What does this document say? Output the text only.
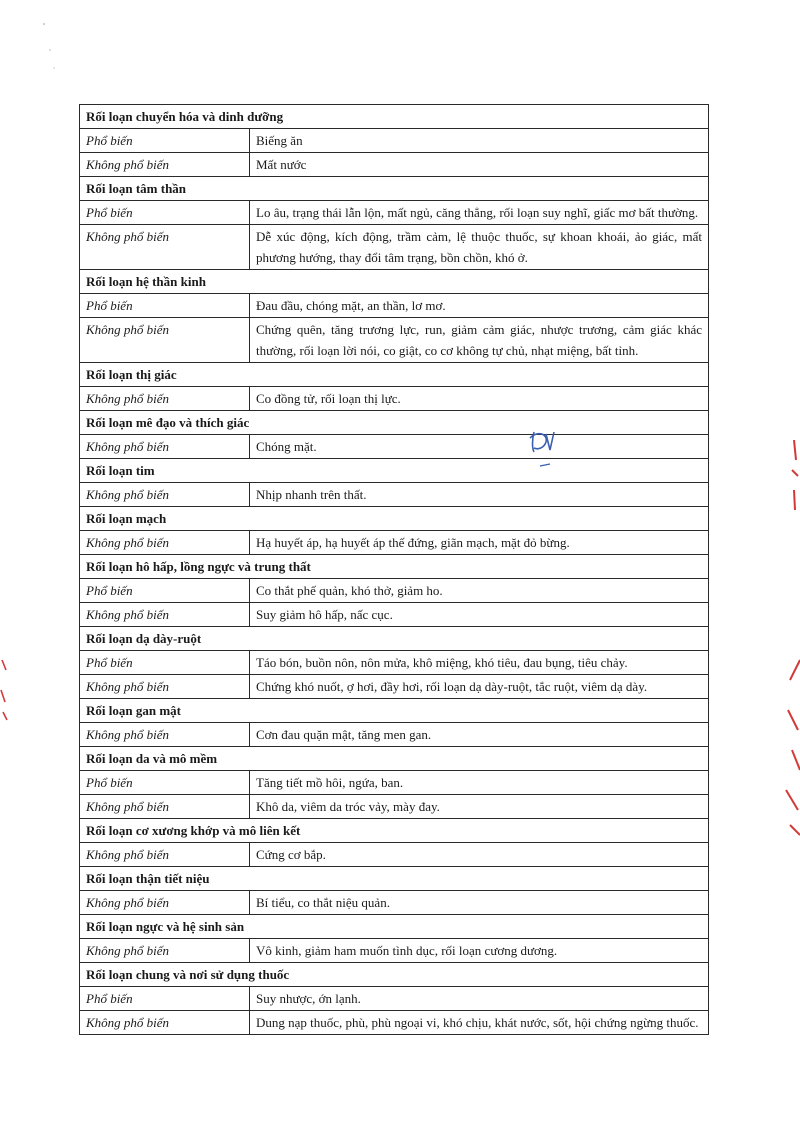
Rối loạn chuyển hóa và dinh dưỡng	
Phổ biến	Biếng ăn
Không phổ biến	Mất nước
Rối loạn tâm thần	
Phổ biến	Lo âu, trạng thái lẫn lộn, mất ngủ, căng thẳng, rối loạn suy nghĩ, giấc mơ bất thường.
Không phổ biến	Dễ xúc động, kích động, trầm cảm, lệ thuộc thuốc, sự khoan khoái, ảo giác, mất phương hướng, thay đổi tâm trạng, bồn chồn, khó ở.
Rối loạn hệ thần kinh	
Phổ biến	Đau đầu, chóng mặt, an thần, lơ mơ.
Không phổ biến	Chứng quên, tăng trương lực, run, giảm cảm giác, nhược trương, cảm giác khác thường, rối loạn lời nói, co giật, co cơ không tự chủ, nhạt miệng, bất tỉnh.
Rối loạn thị giác	
Không phổ biến	Co đồng tử, rối loạn thị lực.
Rối loạn mê đạo và thích giác	
Không phổ biến	Chóng mặt.
Rối loạn tim	
Không phổ biến	Nhịp nhanh trên thất.
Rối loạn mạch	
Không phổ biến	Hạ huyết áp, hạ huyết áp thế đứng, giãn mạch, mặt đỏ bừng.
Rối loạn hô hấp, lồng ngực và trung thất	
Phổ biến	Co thắt phế quản, khó thở, giảm ho.
Không phổ biến	Suy giảm hô hấp, nấc cục.
Rối loạn dạ dày-ruột	
Phổ biến	Táo bón, buồn nôn, nôn mửa, khô miệng, khó tiêu, đau bụng, tiêu chảy.
Không phổ biến	Chứng khó nuốt, ợ hơi, đầy hơi, rối loạn dạ dày-ruột, tắc ruột, viêm dạ dày.
Rối loạn gan mật	
Không phổ biến	Cơn đau quặn mật, tăng men gan.
Rối loạn da và mô mềm	
Phổ biến	Tăng tiết mồ hôi, ngứa, ban.
Không phổ biến	Khô da, viêm da tróc vảy, mày đay.
Rối loạn cơ xương khớp và mô liên kết	
Không phổ biến	Cứng cơ bắp.
Rối loạn thận tiết niệu	
Không phổ biến	Bí tiểu, co thắt niệu quản.
Rối loạn ngực và hệ sinh sản	
Không phổ biến	Vô kinh, giảm ham muốn tình dục, rối loạn cương dương.
Rối loạn chung và nơi sử dụng thuốc	
Phổ biến	Suy nhược, ớn lạnh.
Không phổ biến	Dung nạp thuốc, phù, phù ngoại vi, khó chịu, khát nước, sốt, hội chứng ngừng thuốc.
